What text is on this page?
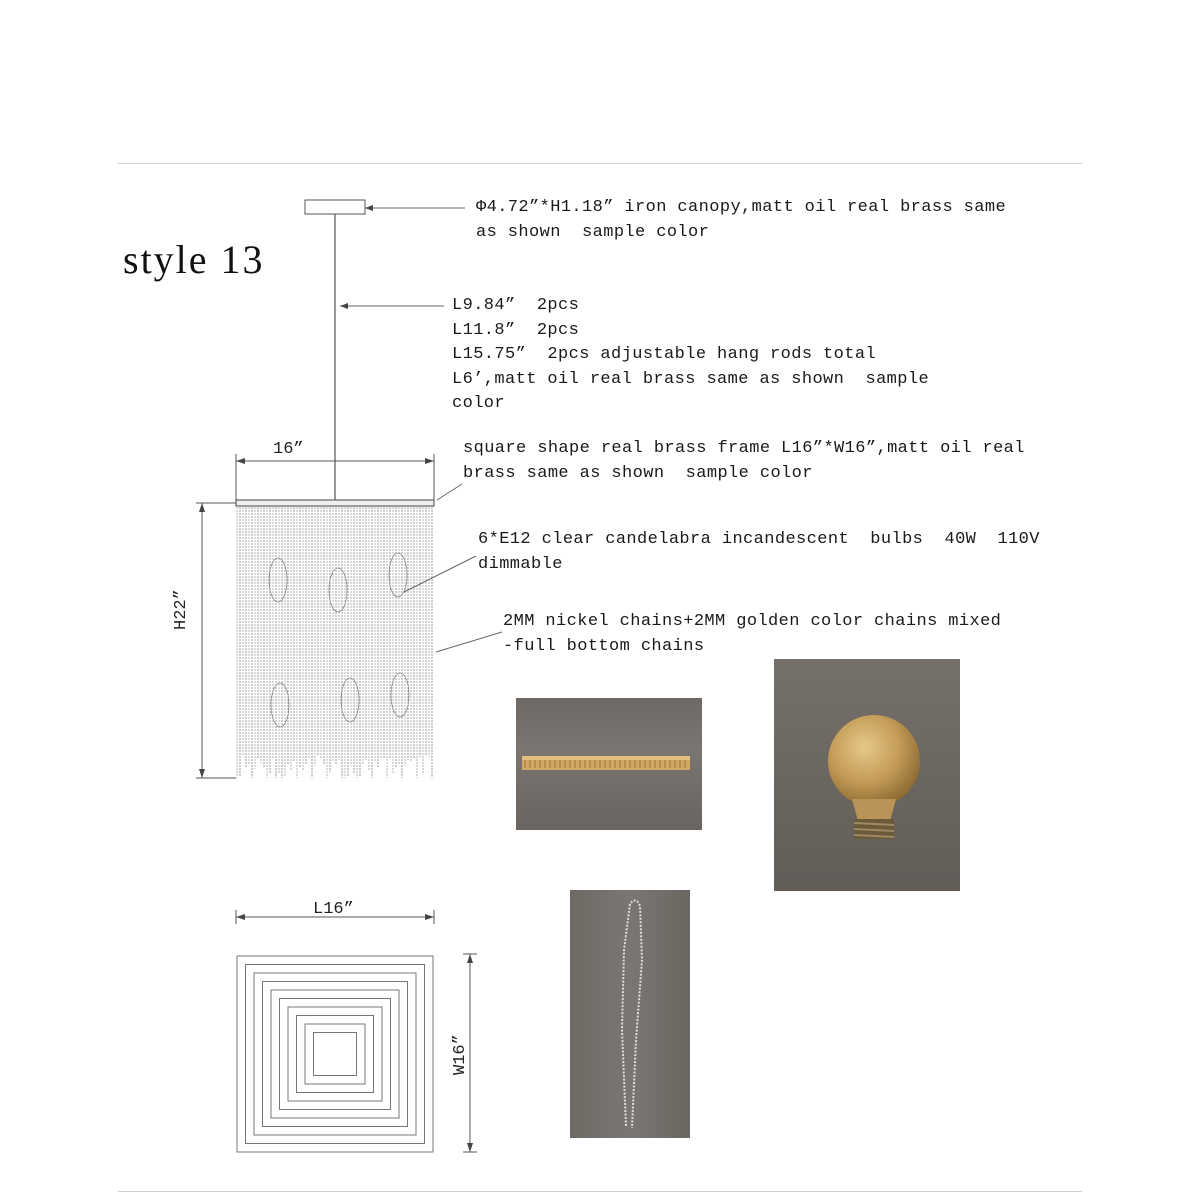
style 13
16”
H22”
L16”
W16”
Φ4.72”*H1.18” iron canopy,matt oil real brass same
as shown  sample color
L9.84”  2pcs
L11.8”  2pcs
L15.75”  2pcs adjustable hang rods total
L6’,matt oil real brass same as shown  sample
color
square shape real brass frame L16”*W16”,matt oil real
brass same as shown  sample color
6*E12 clear candelabra incandescent  bulbs  40W  110V
dimmable
2MM nickel chains+2MM golden color chains mixed
-full bottom chains
